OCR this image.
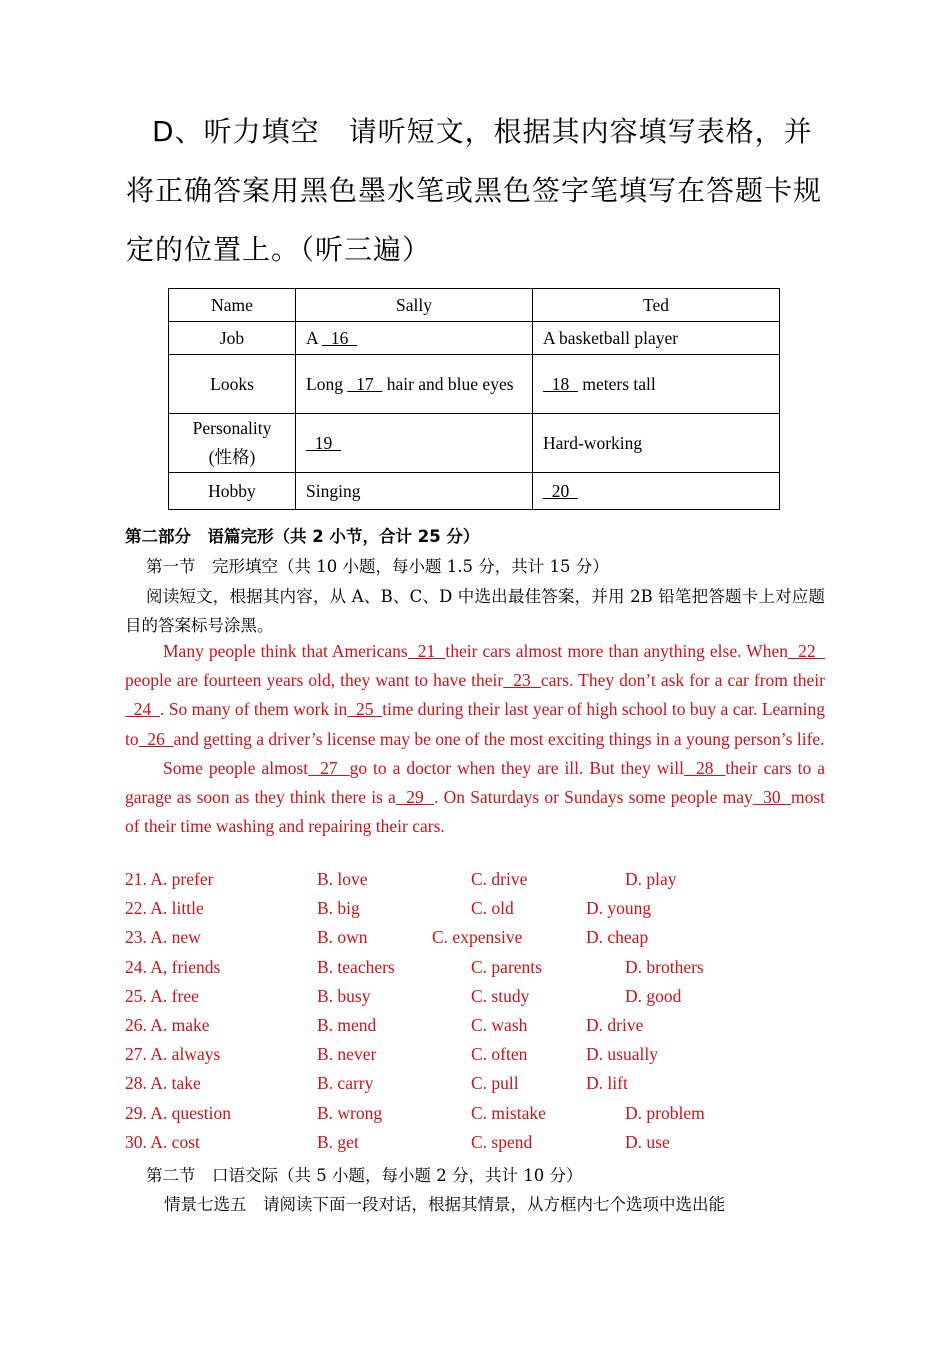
D、听力填空　请听短文，根据其内容填写表格，并将正确答案用黑色墨水笔或黑色签字笔填写在答题卡规定的位置上。（听三遍）
Name	Sally	Ted
Job	A   16	A basketball player
Looks	Long   17   hair and blue eyes	18   meters tall
Personality (性格)	19	Hard-working
Hobby	Singing	20
第二部分　语篇完形（共 2 小节，合计 25 分）
第一节　完形填空（共 10 小题，每小题 1.5 分，共计 15 分）
阅读短文，根据其内容，从 A、B、C、D 中选出最佳答案，并用 2B 铅笔把答题卡上对应题目的答案标号涂黑。

Many people think that Americans  21  their cars almost more than anything else. When  22   people are fourteen years old, they want to have their  23  cars. They don’t ask for a car from their  24  . So many of them work in  25  time during their last year of high school to buy a car. Learning to  26  and getting a driver’s license may be one of the most exciting things in a young person’s life.

Some people almost  27  go to a doctor when they are ill. But they will  28  their cars to a garage as soon as they think there is a  29  . On Saturdays or Sundays some people may  30  most of their time washing and repairing their cars.

21. A. prefer	B. love	C. drive	D. play
22. A. little	B. big	C. old	D. young
23. A. new	B. own	C. expensive	D. cheap
24. A, friends	B. teachers	C. parents	D. brothers
25. A. free	B. busy	C. study	D. good
26. A. make	B. mend	C. wash	D. drive
27. A. always	B. never	C. often	D. usually
28. A. take	B. carry	C. pull	D. lift
29. A. question	B. wrong	C. mistake	D. problem
30. A. cost	B. get	C. spend	D. use
第二节　口语交际（共 5 小题，每小题 2 分，共计 10 分）
情景七选五　请阅读下面一段对话，根据其情景，从方框内七个选项中选出能
